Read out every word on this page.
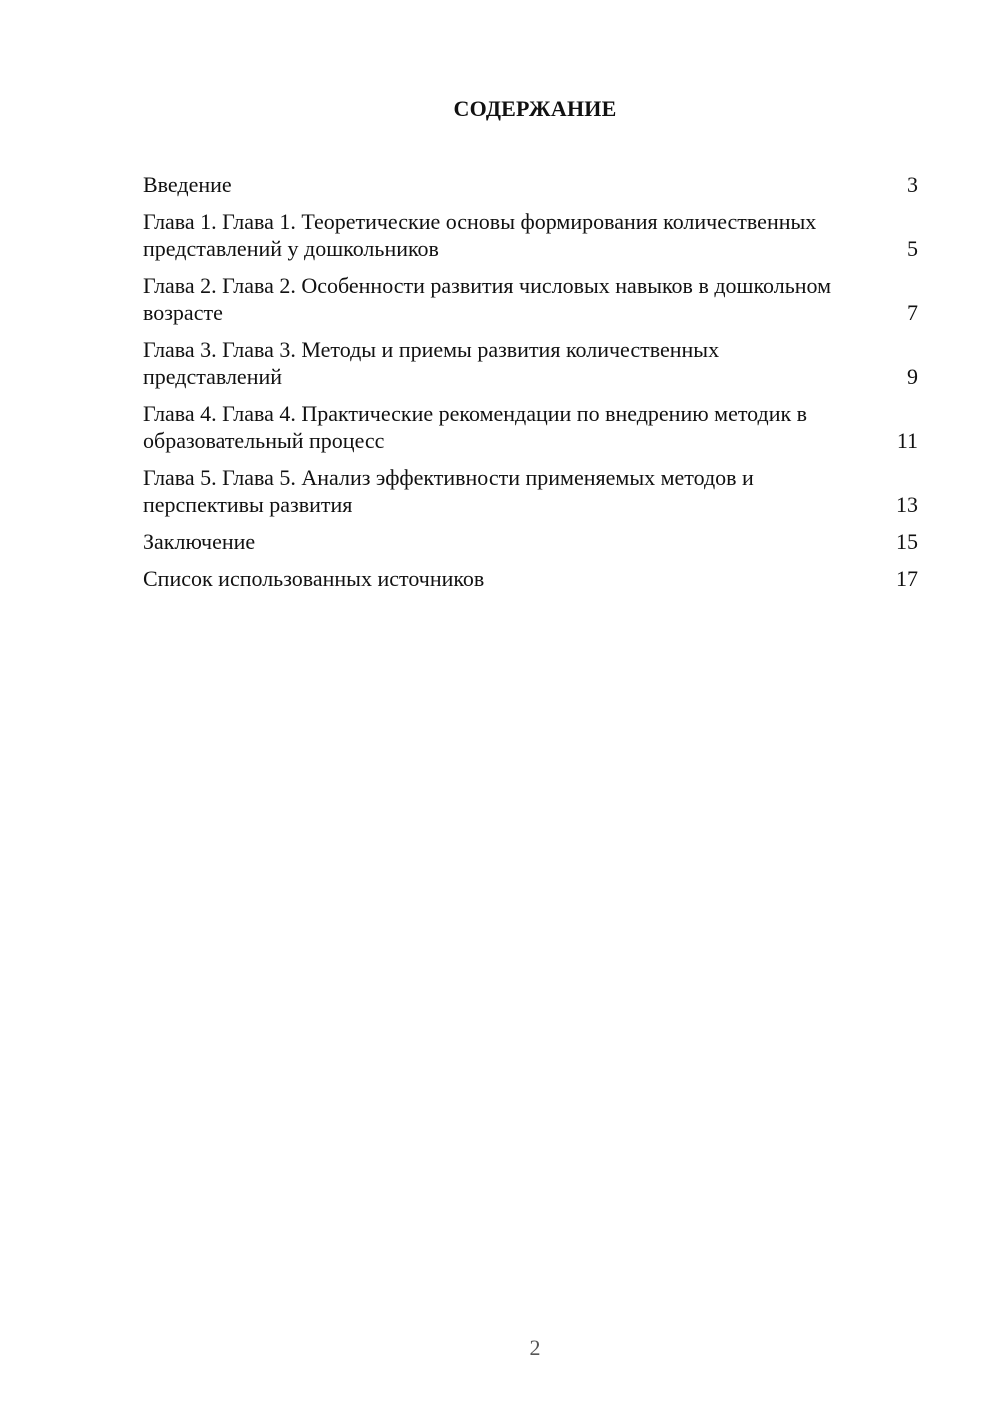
СОДЕРЖАНИЕ
Введение	3
Глава 1. Глава 1. Теоретические основы формирования количественных представлений у дошкольников	5
Глава 2. Глава 2. Особенности развития числовых навыков в дошкольном возрасте	7
Глава 3. Глава 3. Методы и приемы развития количественных представлений	9
Глава 4. Глава 4. Практические рекомендации по внедрению методик в образовательный процесс	11
Глава 5. Глава 5. Анализ эффективности применяемых методов и перспективы развития	13
Заключение	15
Список использованных источников	17
2
